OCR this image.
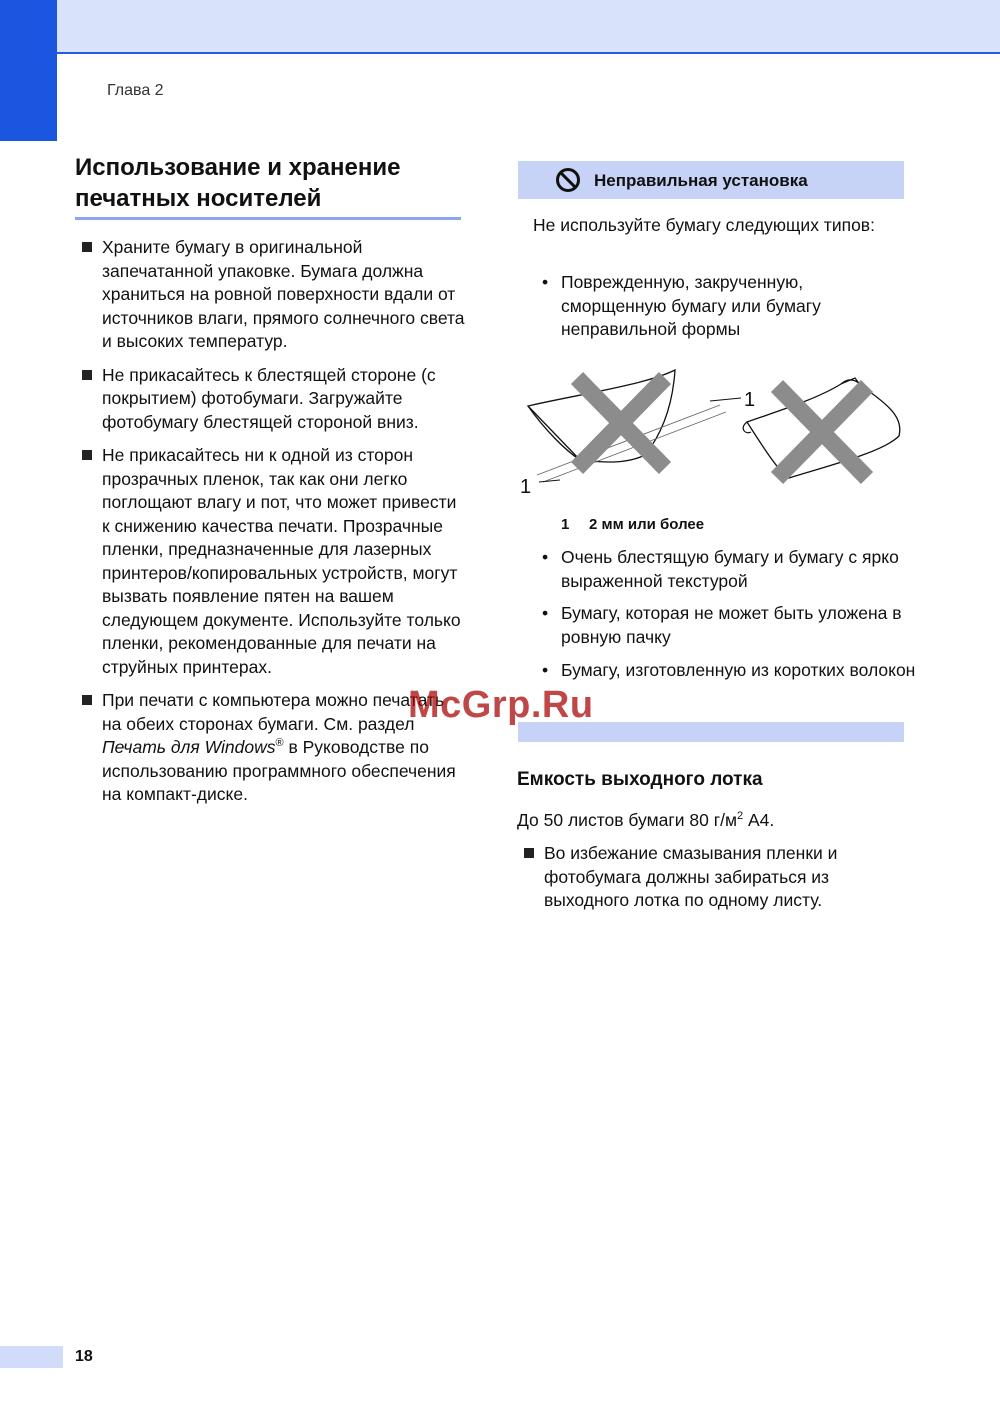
Глава 2
Использование и хранение печатных носителей
Храните бумагу в оригинальной запечатанной упаковке. Бумага должна храниться на ровной поверхности вдали от источников влаги, прямого солнечного света и высоких температур.
Не прикасайтесь к блестящей стороне (с покрытием) фотобумаги. Загружайте фотобумагу блестящей стороной вниз.
Не прикасайтесь ни к одной из сторон прозрачных пленок, так как они легко поглощают влагу и пот, что может привести к снижению качества печати. Прозрачные пленки, предназначенные для лазерных принтеров/копировальных устройств, могут вызвать появление пятен на вашем следующем документе. Используйте только пленки, рекомендованные для печати на струйных принтерах.
При печати с компьютера можно печатать на обеих сторонах бумаги. См. раздел Печать для Windows® в Руководстве по использованию программного обеспечения на компакт-диске.
Неправильная установка
Не используйте бумагу следующих типов:
• Поврежденную, закрученную, сморщенную бумагу или бумагу неправильной формы
1
1
1 2 мм или более
• Очень блестящую бумагу и бумагу с ярко выраженной текстурой
• Бумагу, которая не может быть уложена в ровную пачку
• Бумагу, изготовленную из коротких волокон
McGrp.Ru
Емкость выходного лотка
До 50 листов бумаги 80 $г/м^2$ А4.
Во избежание смазывания пленки и фотобумага должны забираться из выходного лотка по одному листу.
18
